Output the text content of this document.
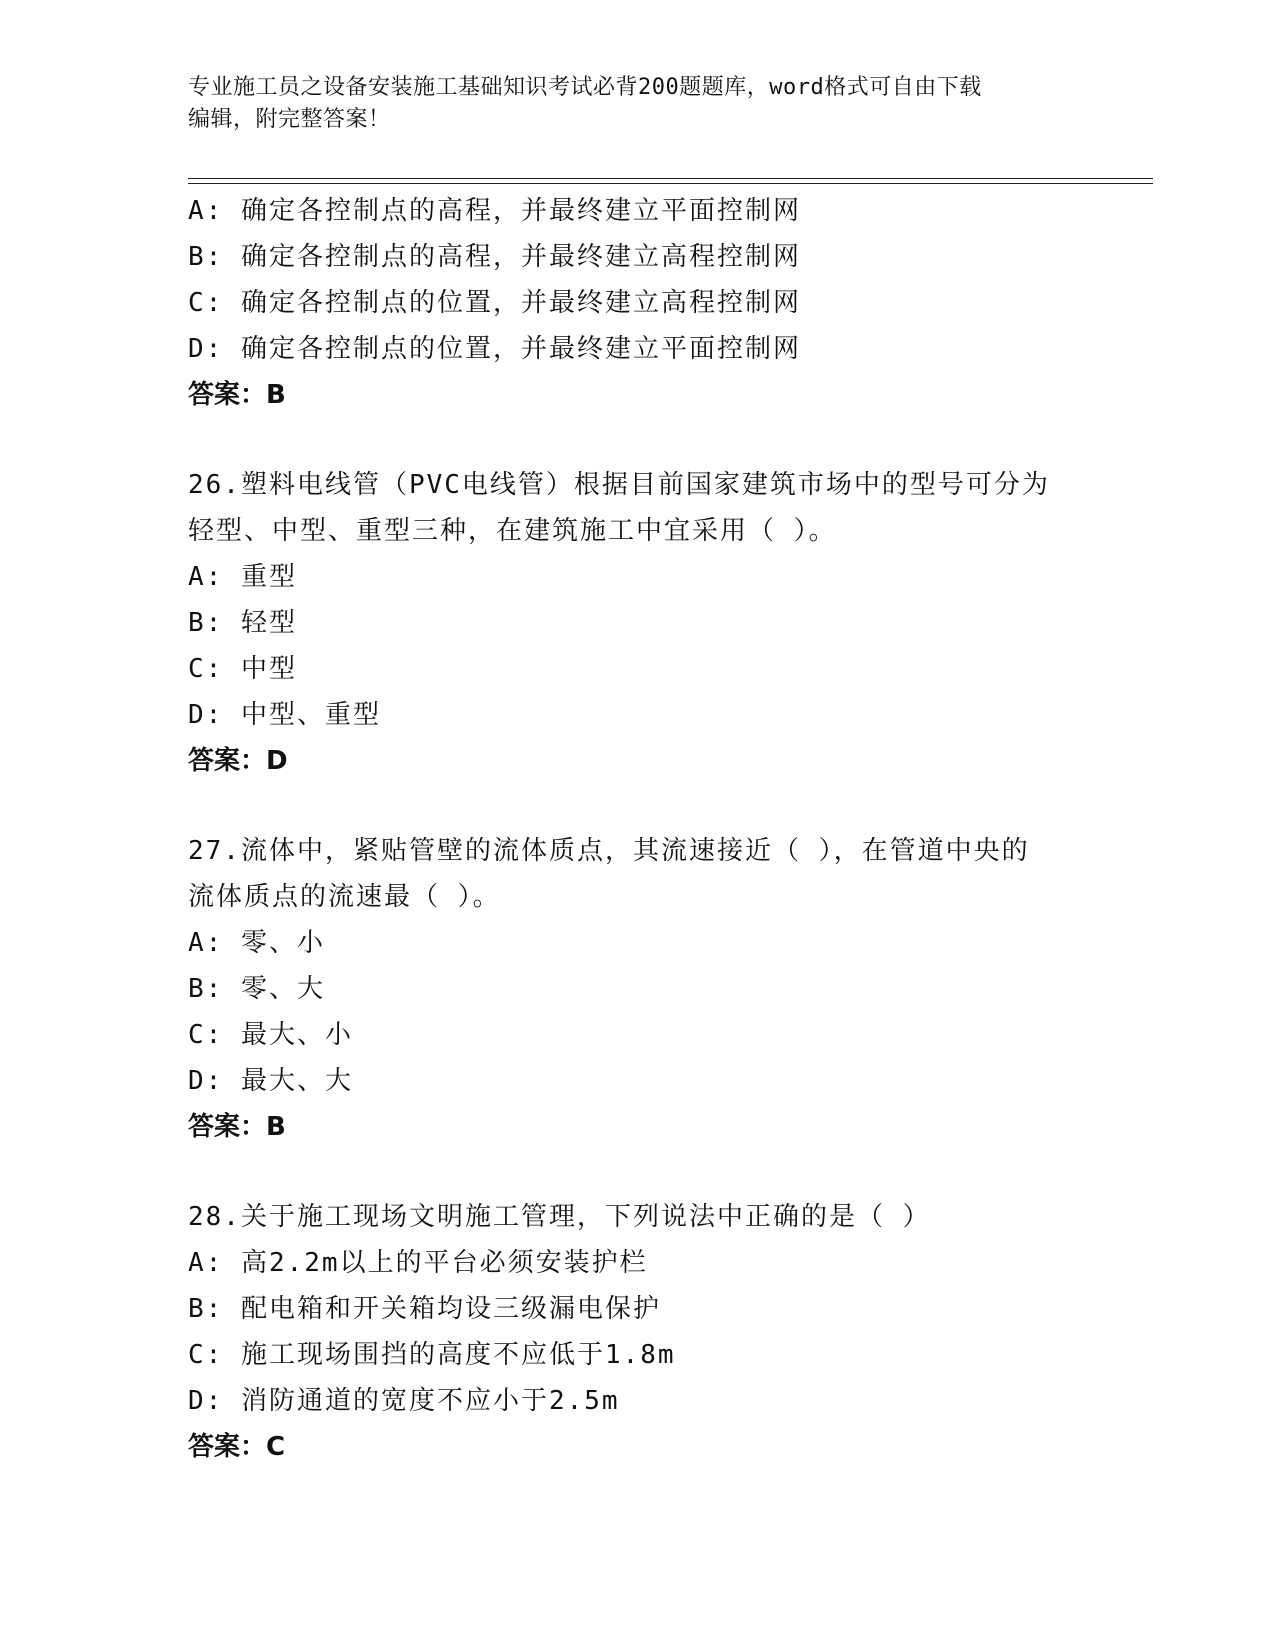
专业施工员之设备安装施工基础知识考试必背200题题库，word格式可自由下载
编辑，附完整答案！
A: 确定各控制点的高程，并最终建立平面控制网
B: 确定各控制点的高程，并最终建立高程控制网
C: 确定各控制点的位置，并最终建立高程控制网
D: 确定各控制点的位置，并最终建立平面控制网
答案：B
26.塑料电线管（PVC电线管）根据目前国家建筑市场中的型号可分为
轻型、中型、重型三种，在建筑施工中宜采用（ ）。
A: 重型
B: 轻型
C: 中型
D: 中型、重型
答案：D
27.流体中，紧贴管壁的流体质点，其流速接近（ ），在管道中央的
流体质点的流速最（ ）。
A: 零、小
B: 零、大
C: 最大、小
D: 最大、大
答案：B
28.关于施工现场文明施工管理，下列说法中正确的是（ ）
A: 高2.2m以上的平台必须安装护栏
B: 配电箱和开关箱均设三级漏电保护
C: 施工现场围挡的高度不应低于1.8m
D: 消防通道的宽度不应小于2.5m
答案：C
